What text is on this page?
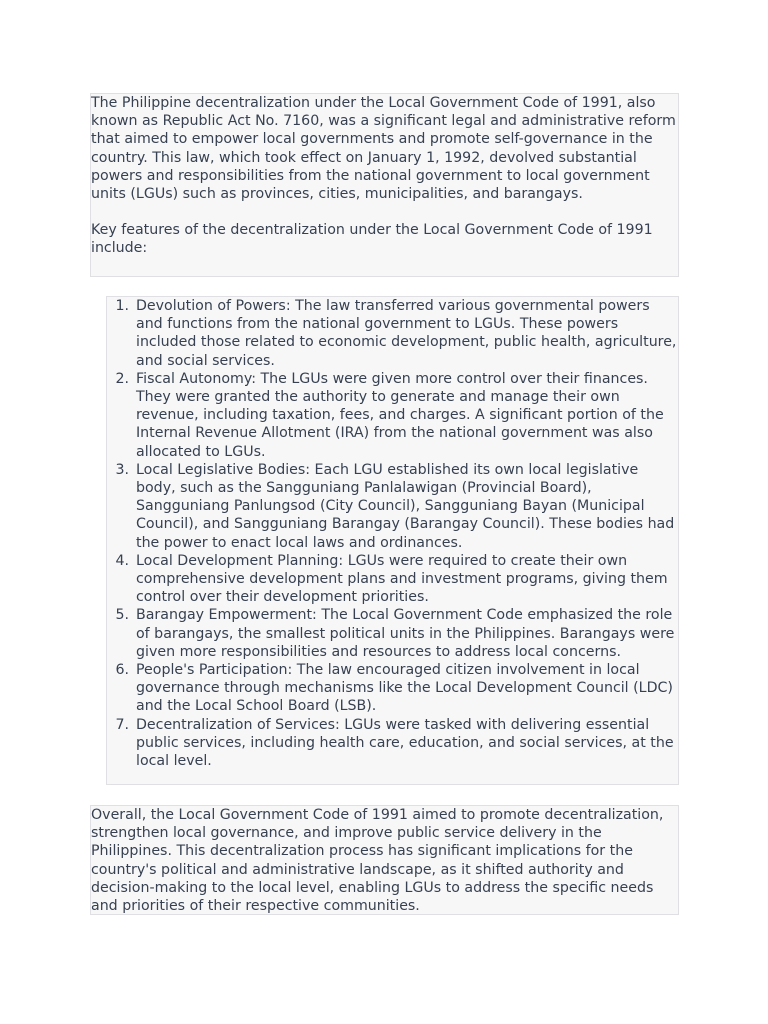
The Philippine decentralization under the Local Government Code of 1991, also known as Republic Act No. 7160, was a significant legal and administrative reform that aimed to empower local governments and promote self-governance in the country. This law, which took effect on January 1, 1992, devolved substantial powers and responsibilities from the national government to local government units (LGUs) such as provinces, cities, municipalities, and barangays.

Key features of the decentralization under the Local Government Code of 1991 include:

1. Devolution of Powers: The law transferred various governmental powers and functions from the national government to LGUs. These powers included those related to economic development, public health, agriculture, and social services.
2. Fiscal Autonomy: The LGUs were given more control over their finances. They were granted the authority to generate and manage their own revenue, including taxation, fees, and charges. A significant portion of the Internal Revenue Allotment (IRA) from the national government was also allocated to LGUs.
3. Local Legislative Bodies: Each LGU established its own local legislative body, such as the Sangguniang Panlalawigan (Provincial Board), Sangguniang Panlungsod (City Council), Sangguniang Bayan (Municipal Council), and Sangguniang Barangay (Barangay Council). These bodies had the power to enact local laws and ordinances.
4. Local Development Planning: LGUs were required to create their own comprehensive development plans and investment programs, giving them control over their development priorities.
5. Barangay Empowerment: The Local Government Code emphasized the role of barangays, the smallest political units in the Philippines. Barangays were given more responsibilities and resources to address local concerns.
6. People's Participation: The law encouraged citizen involvement in local governance through mechanisms like the Local Development Council (LDC) and the Local School Board (LSB).
7. Decentralization of Services: LGUs were tasked with delivering essential public services, including health care, education, and social services, at the local level.

Overall, the Local Government Code of 1991 aimed to promote decentralization, strengthen local governance, and improve public service delivery in the Philippines. This decentralization process has significant implications for the country's political and administrative landscape, as it shifted authority and decision-making to the local level, enabling LGUs to address the specific needs and priorities of their respective communities.
